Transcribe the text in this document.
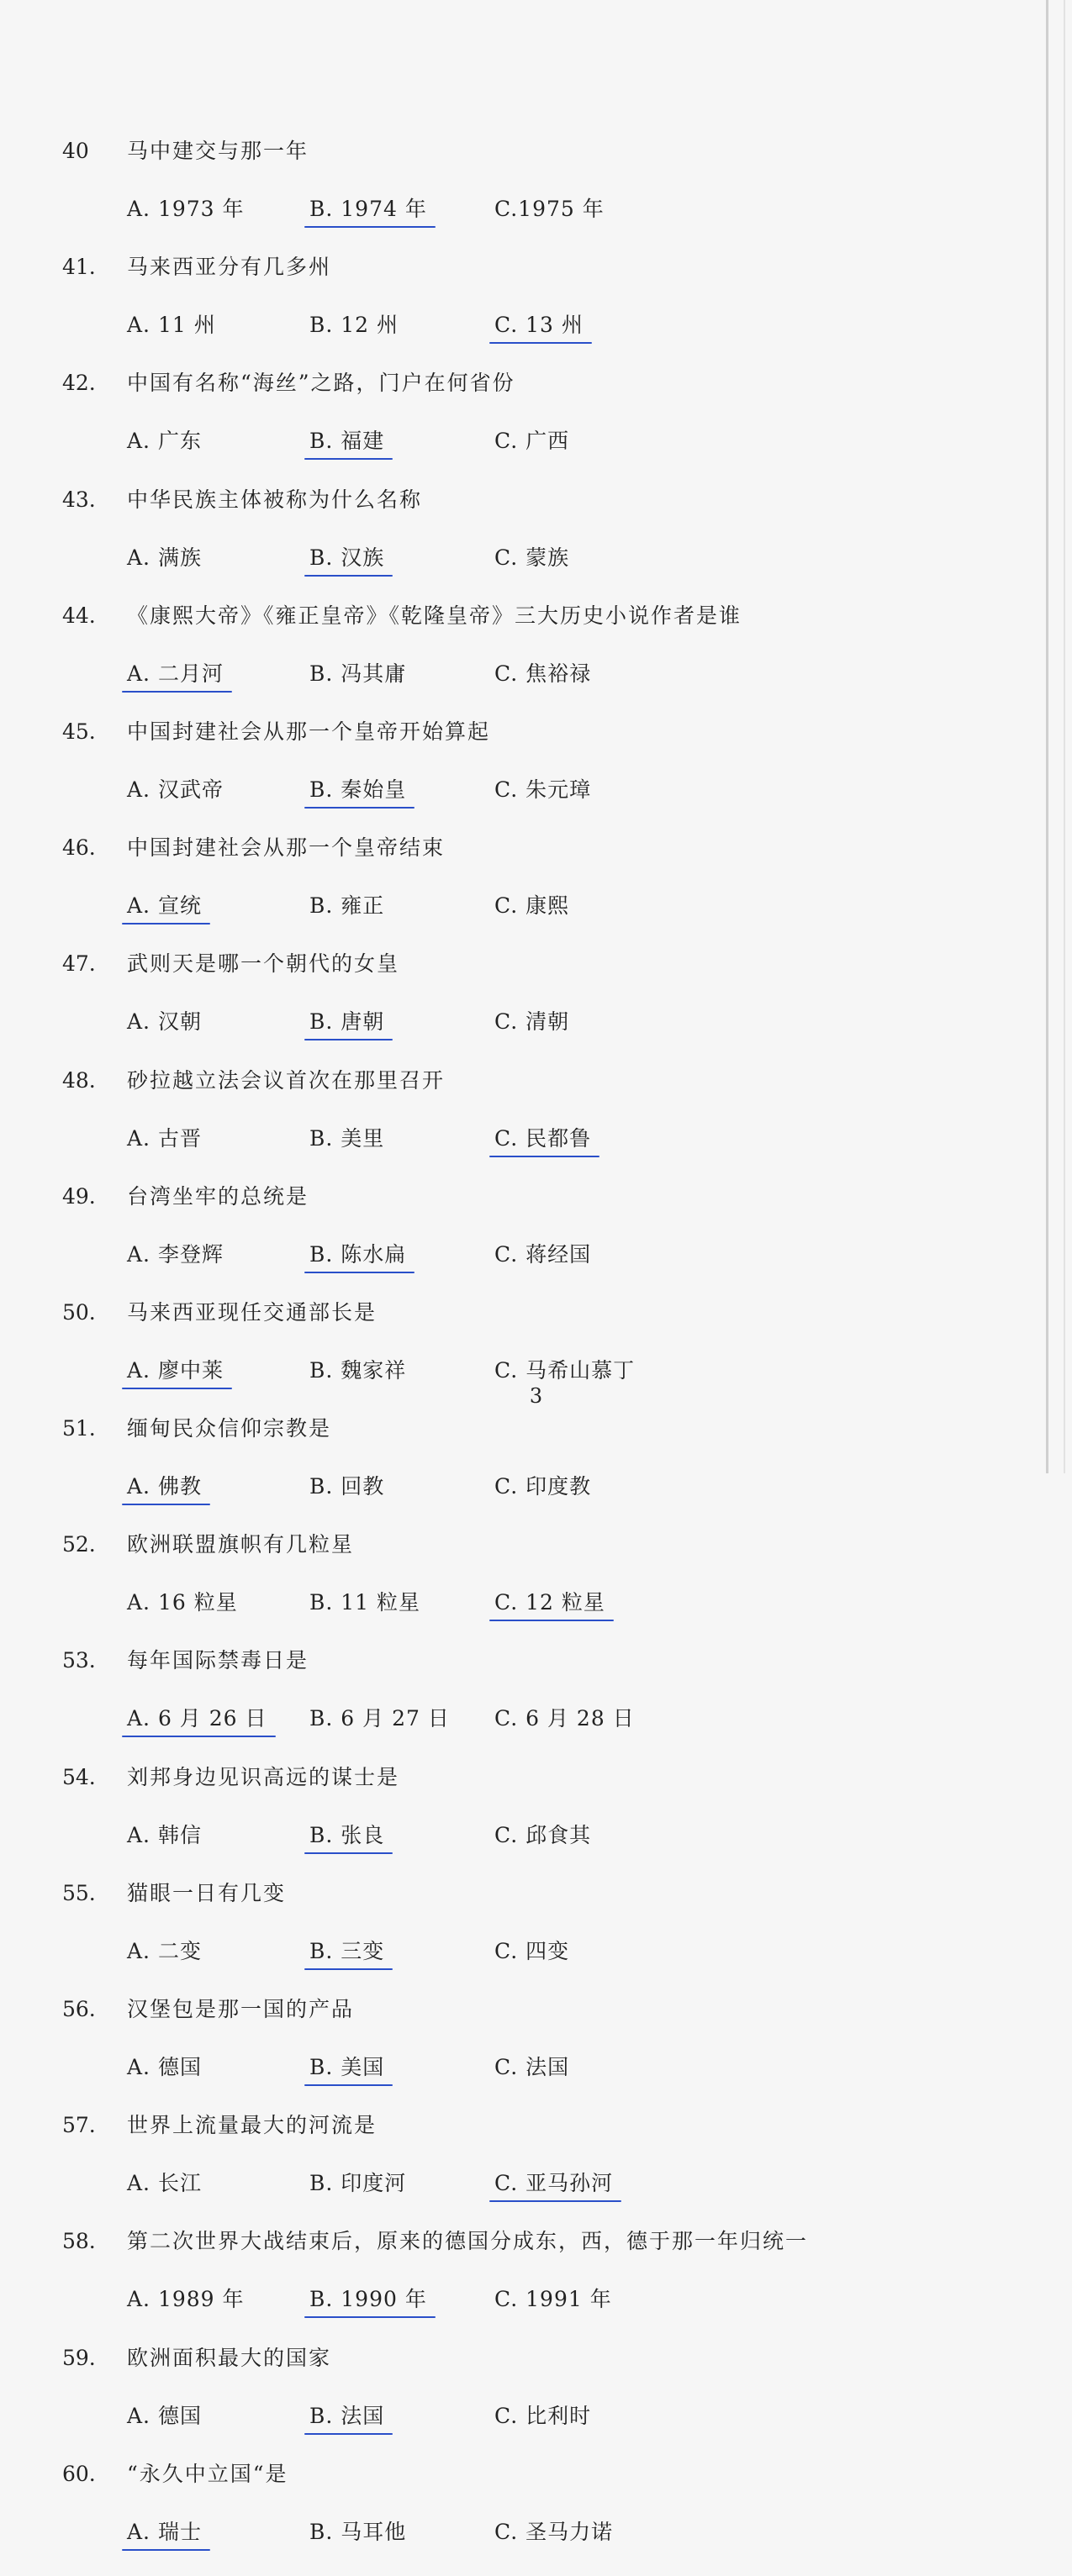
40 马中建交与那一年
A. 1973 年	B. 1974 年	C.1975 年
41. 马来西亚分有几多州
A. 11 州	B. 12 州	C. 13 州
42. 中国有名称“海丝”之路，门户在何省份
A. 广东	B. 福建	C. 广西
43. 中华民族主体被称为什么名称
A. 满族	B. 汉族	C. 蒙族
44. 《康熙大帝》《雍正皇帝》《乾隆皇帝》三大历史小说作者是谁
A. 二月河	B. 冯其庸	C. 焦裕禄
45. 中国封建社会从那一个皇帝开始算起
A. 汉武帝	B. 秦始皇	C. 朱元璋
46. 中国封建社会从那一个皇帝结束
A. 宣统	B. 雍正	C. 康熙
47. 武则天是哪一个朝代的女皇
A. 汉朝	B. 唐朝	C. 清朝
48. 砂拉越立法会议首次在那里召开
A. 古晋	B. 美里	C. 民都鲁
49. 台湾坐牢的总统是
A. 李登辉	B. 陈水扁	C. 蒋经国
50. 马来西亚现任交通部长是
A. 廖中莱	B. 魏家祥	C. 马希山慕丁
51. 缅甸民众信仰宗教是
A. 佛教	B. 回教	C. 印度教
52. 欧洲联盟旗帜有几粒星
A. 16 粒星	B. 11 粒星	C. 12 粒星
53. 每年国际禁毒日是
A. 6 月 26 日 B. 6 月 27 日 C. 6 月 28 日
54. 刘邦身边见识高远的谋士是
A. 韩信	B. 张良	C. 邱食其
55. 猫眼一日有几变
A. 二变	B. 三变	C. 四变
56. 汉堡包是那一国的产品
A. 德国	B. 美国	C. 法国
57. 世界上流量最大的河流是
A. 长江	B. 印度河	C. 亚马孙河
58. 第二次世界大战结束后，原来的德国分成东，西，德于那一年归统一
A. 1989 年	B. 1990 年	C. 1991 年
59. 欧洲面积最大的国家
A. 德国	B. 法国	C. 比利时
60. “永久中立国“是
A. 瑞士	B. 马耳他	C. 圣马力诺
3
